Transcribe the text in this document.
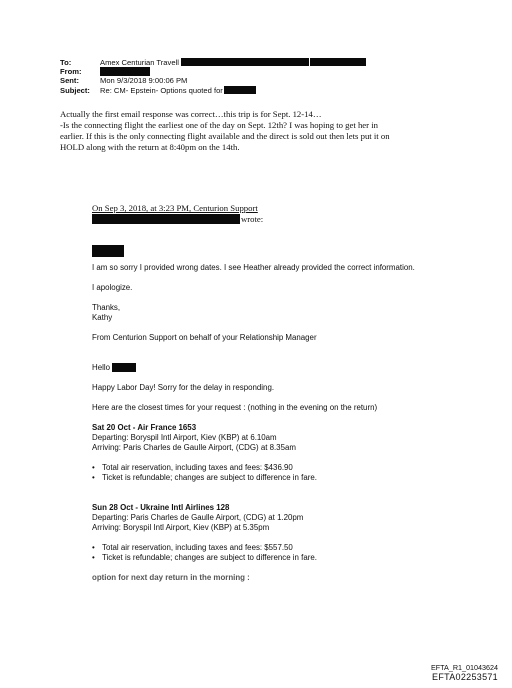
To:	Amex Centurian Travell
From:
Sent:	Mon 9/3/2018 9:00:06 PM
Subject:	Re: CM- Epstein- Options quoted for

Actually the first email response was correct…this trip is for Sept. 12-14…

-Is the connecting flight the earliest one of the day on Sept. 12th? I was hoping to get her in

earlier. If this is the only connecting flight available and the direct is sold out then lets put it on

HOLD along with the return at 8:40pm on the 14th.

On Sep 3, 2018, at 3:23 PM, Centurion Support
wrote:

I am so sorry I provided wrong dates. I see Heather already provided the correct information.

I apologize.

Thanks,

Kathy

From Centurion Support on behalf of your Relationship Manager

Hello

Happy Labor Day! Sorry for the delay in responding.

Here are the closest times for your request : (nothing in the evening on the return)

Sat 20 Oct - Air France 1653

Departing: Boryspil Intl Airport, Kiev (KBP) at 6.10am

Arriving: Paris Charles de Gaulle Airport, (CDG) at 8.35am

• Total air reservation, including taxes and fees: $436.90
• Ticket is refundable; changes are subject to difference in fare.

Sun 28 Oct - Ukraine Intl Airlines 128

Departing: Paris Charles de Gaulle Airport, (CDG) at 1.20pm

Arriving: Boryspil Intl Airport, Kiev (KBP) at 5.35pm

• Total air reservation, including taxes and fees: $557.50
• Ticket is refundable; changes are subject to difference in fare.

option for next day return in the morning :

EFTA_R1_01043624
EFTA02253571
